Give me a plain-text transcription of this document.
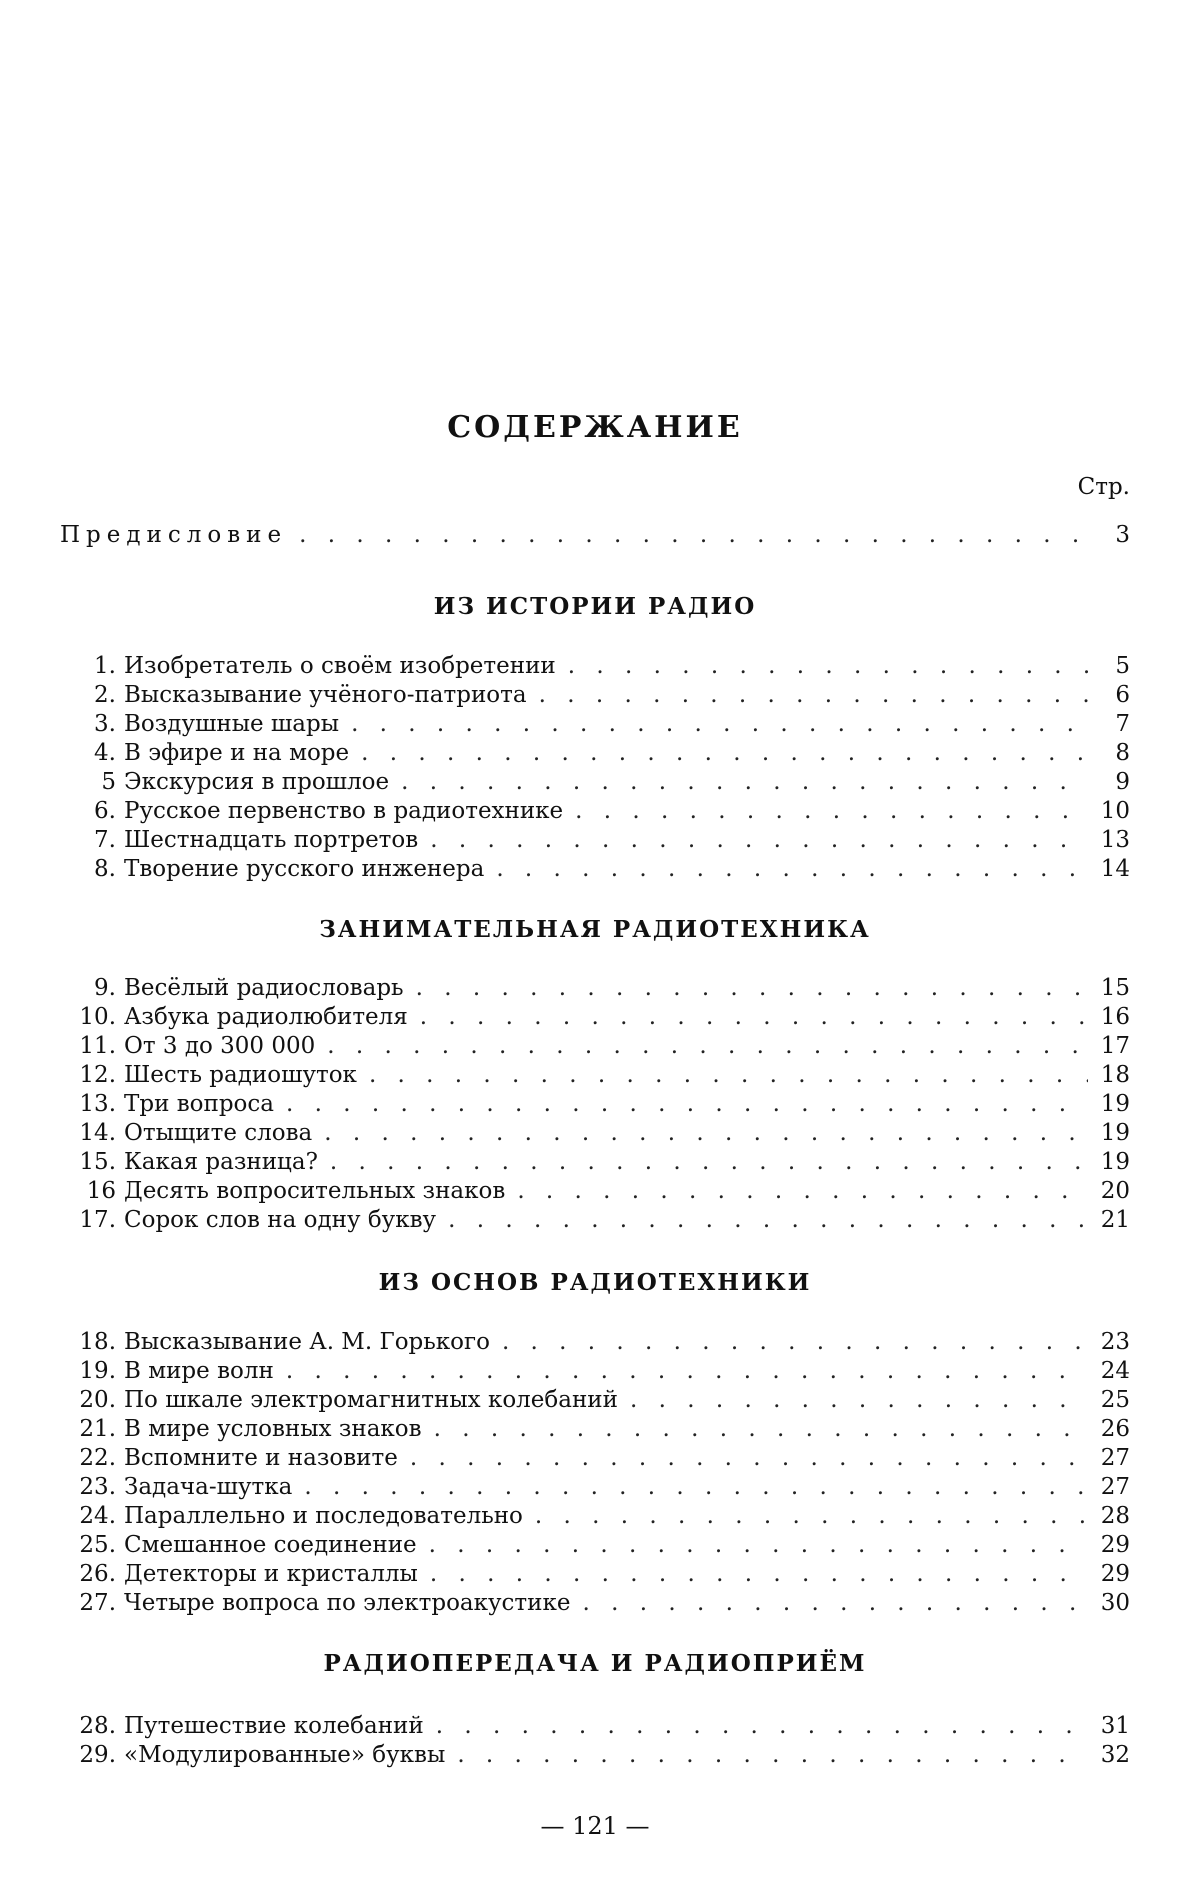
СОДЕРЖАНИЕ
Стр.
Предисловие . . .	3
ИЗ ИСТОРИИ РАДИО
1. Изобретатель о своём изобретении . . .	5
2. Высказывание учёного-патриота . . .	6
3. Воздушные шары . . .	7
4. В эфире и на море . . .	8
5 Экскурсия в прошлое . . .	9
6. Русское первенство в радиотехнике . . .	10
7. Шестнадцать портретов . . .	13
8. Творение русского инженера . . .	14
ЗАНИМАТЕЛЬНАЯ РАДИОТЕХНИКА
9. Весёлый радиословарь . . .	15
10. Азбука радиолюбителя . . .	16
11. От 3 до 300 000 . . .	17
12. Шесть радиошуток . . .	18
13. Три вопроса . . .	19
14. Отыщите слова . . .	19
15. Какая разница? . . .	19
16 Десять вопросительных знаков . . .	20
17. Сорок слов на одну букву . . .	21
ИЗ ОСНОВ РАДИОТЕХНИКИ
18. Высказывание А. М. Горького . . .	23
19. В мире волн . . .	24
20. По шкале электромагнитных колебаний . . .	25
21. В мире условных знаков . . .	26
22. Вспомните и назовите . . .	27
23. Задача-шутка . . .	27
24. Параллельно и последовательно . . .	28
25. Смешанное соединение . . .	29
26. Детекторы и кристаллы . . .	29
27. Четыре вопроса по электроакустике . . .	30
РАДИОПЕРЕДАЧА И РАДИОПРИЁМ
28. Путешествие колебаний . . .	31
29. «Модулированные» буквы . . .	32
— 121 —
